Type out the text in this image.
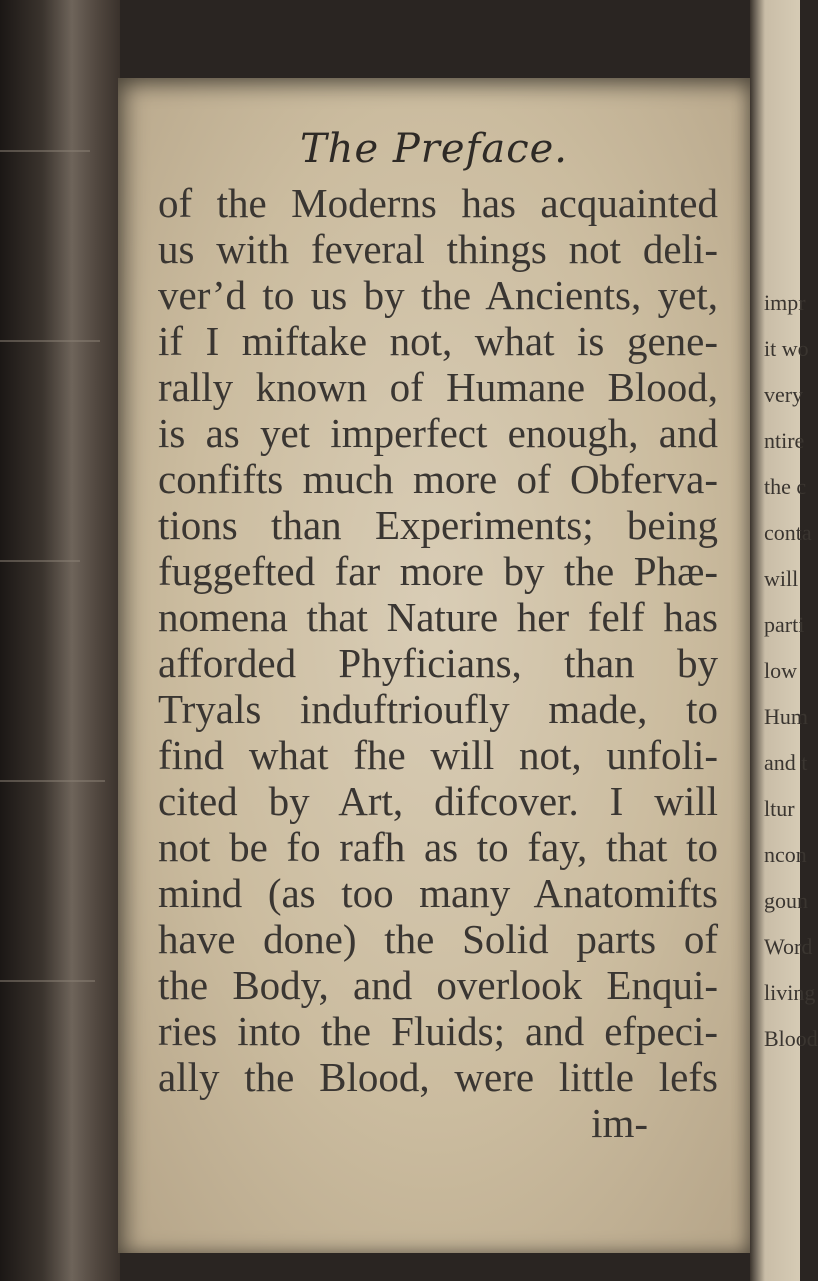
The Preface.
of the Moderns has acquainted
us with feveral things not deli-
ver’d to us by the Ancients, yet,
if I miftake not, what is gene-
rally known of Humane Blood,
is as yet imperfect enough, and
confifts much more of Obferva-
tions than Experiments; being
fuggefted far more by the Phæ-
nomena that Nature her felf has
afforded Phyficians, than by
Tryals induftrioufly made, to
find what fhe will not, unfoli-
cited by Art, difcover. I will
not be fo rafh as to fay, that to
mind (as too many Anatomifts
have done) the Solid parts of
the Body, and overlook Enqui-
ries into the Fluids; and efpeci-
ally the Blood, were little lefs
im-
impr
it wo
very
ntire
the c
conta
will
parti
low
Hum
and t
ltur
ncon
goun
Word
living
Blood
